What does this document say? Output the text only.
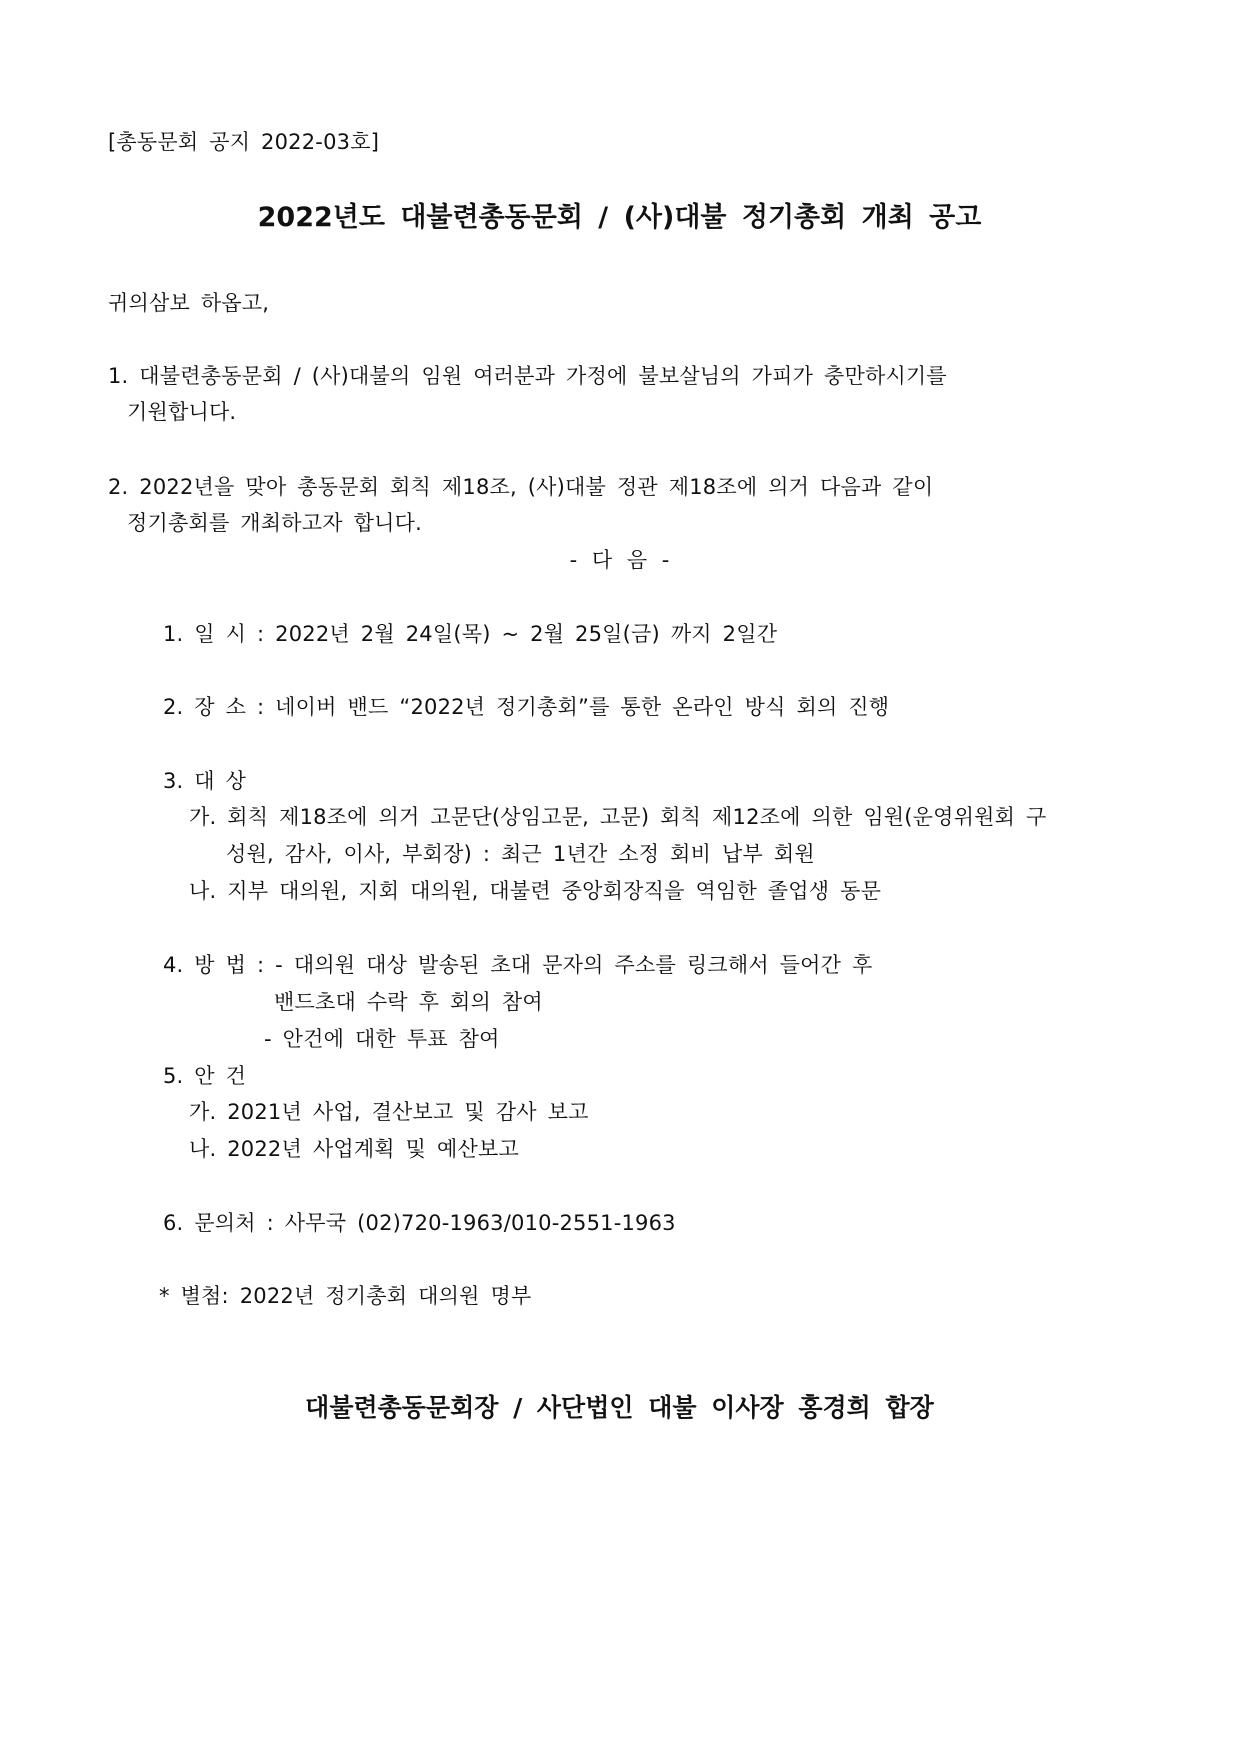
[총동문회 공지 2022-03호]
2022년도 대불련총동문회 / (사)대불 정기총회 개최 공고
귀의삼보 하옵고,
1. 대불련총동문회 / (사)대불의 임원 여러분과 가정에 불보살님의 가피가 충만하시기를
기원합니다.
2. 2022년을 맞아 총동문회 회칙 제18조, (사)대불 정관 제18조에 의거 다음과 같이
정기총회를 개최하고자 합니다.
- 다 음 -
1. 일 시 : 2022년 2월 24일(목) ~ 2월 25일(금) 까지 2일간
2. 장 소 : 네이버 밴드 “2022년 정기총회”를 통한 온라인 방식 회의 진행
3. 대 상
가. 회칙 제18조에 의거 고문단(상임고문, 고문) 회칙 제12조에 의한 임원(운영위원회 구
성원, 감사, 이사, 부회장) : 최근 1년간 소정 회비 납부 회원
나. 지부 대의원, 지회 대의원, 대불련 중앙회장직을 역임한 졸업생 동문
4. 방 법 : - 대의원 대상 발송된 초대 문자의 주소를 링크해서 들어간 후
밴드초대 수락 후 회의 참여
- 안건에 대한 투표 참여
5. 안 건
가. 2021년 사업, 결산보고 및 감사 보고
나. 2022년 사업계획 및 예산보고
6. 문의처 : 사무국 (02)720-1963/010-2551-1963
* 별첨: 2022년 정기총회 대의원 명부
대불련총동문회장 / 사단법인 대불 이사장 홍경희 합장
